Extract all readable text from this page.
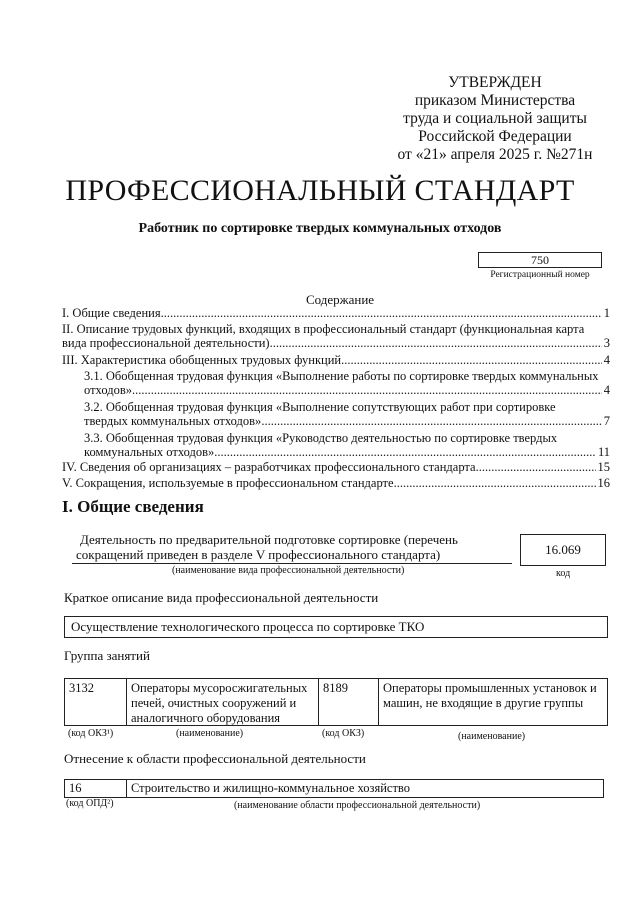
УТВЕРЖДЕН
приказом Министерства
труда и социальной защиты
Российской Федерации
от «21» апреля 2025 г. №271н
ПРОФЕССИОНАЛЬНЫЙ СТАНДАРТ
Работник по сортировке твердых коммунальных отходов
750
Регистрационный номер
Содержание
I. Общие сведения .....	1
II. Описание трудовых функций, входящих в профессиональный стандарт (функциональная карта
вида профессиональной деятельности) .....	3
III. Характеристика обобщенных трудовых функций .....	4
3.1. Обобщенная трудовая функция «Выполнение работы по сортировке твердых коммунальных
отходов» .....	4
3.2. Обобщенная трудовая функция «Выполнение сопутствующих работ при сортировке
твердых коммунальных отходов» .....	7
3.3. Обобщенная трудовая функция «Руководство деятельностью по сортировке твердых
коммунальных отходов» .....	11
IV. Сведения об организациях – разработчиках профессионального стандарта .....	15
V. Сокращения, используемые в профессиональном стандарте .....	16
I. Общие сведения
Деятельность по предварительной подготовке сортировке (перечень
сокращений приведен в разделе V профессионального стандарта)
(наименование вида профессиональной деятельности)
16.069
код
Краткое описание вида профессиональной деятельности
Осуществление технологического процесса по сортировке ТКО
Группа занятий
3132	Операторы мусоросжигательных печей, очистных сооружений и аналогичного оборудования
8189	Операторы промышленных установок и машин, не входящие в другие группы
(код ОКЗ¹)	(наименование)	(код ОКЗ)	(наименование)
Отнесение к области профессиональной деятельности
16	Строительство и жилищно-коммунальное хозяйство
(код ОПД²)	(наименование области профессиональной деятельности)
